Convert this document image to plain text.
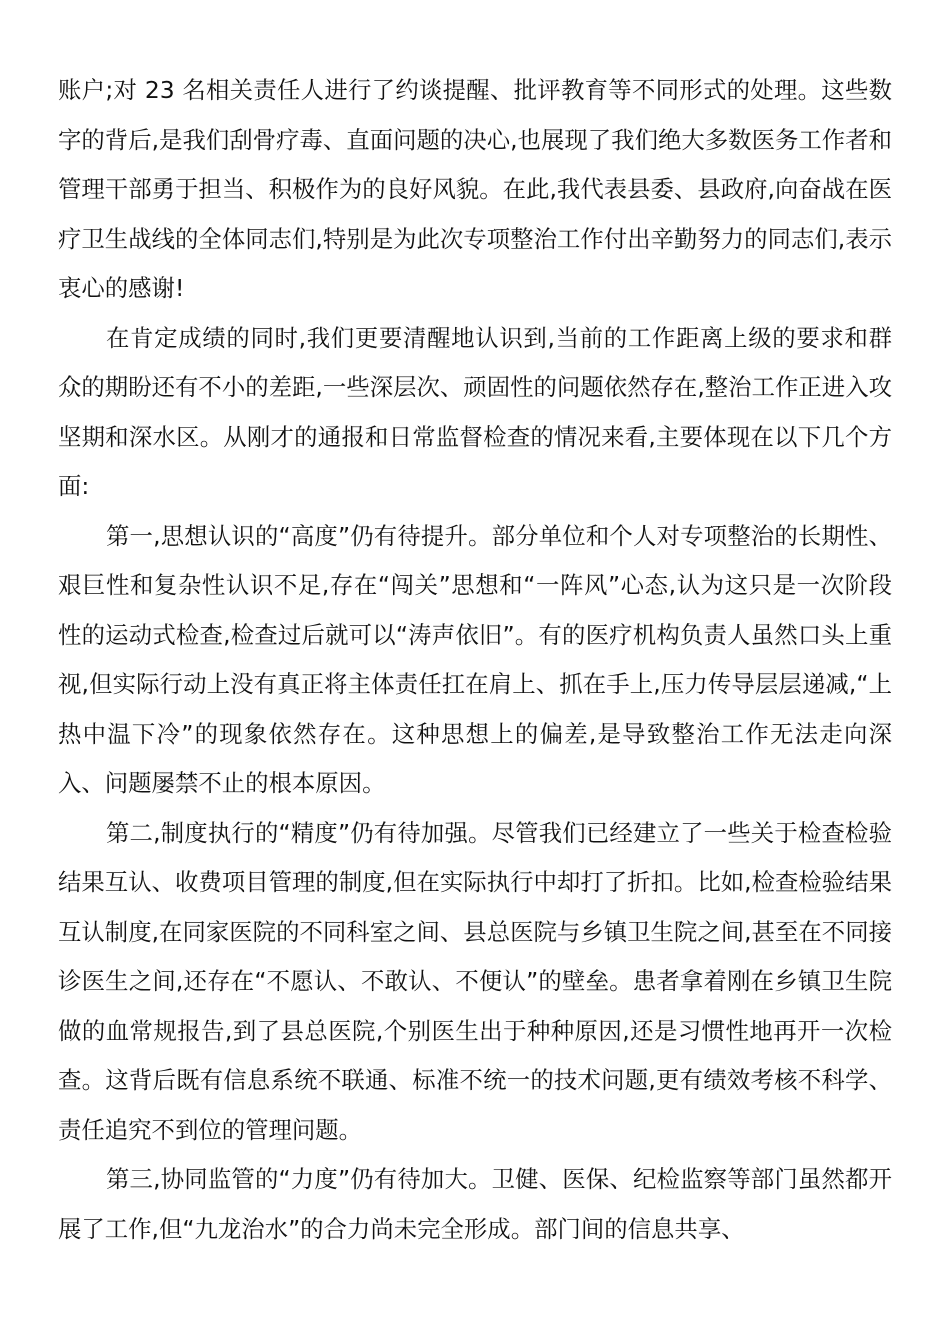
账户;对 23 名相关责任人进行了约谈提醒、批评教育等不同形式的处理。这些数字的背后,是我们刮骨疗毒、直面问题的决心,也展现了我们绝大多数医务工作者和管理干部勇于担当、积极作为的良好风貌。在此,我代表县委、县政府,向奋战在医疗卫生战线的全体同志们,特别是为此次专项整治工作付出辛勤努力的同志们,表示衷心的感谢!

在肯定成绩的同时,我们更要清醒地认识到,当前的工作距离上级的要求和群众的期盼还有不小的差距,一些深层次、顽固性的问题依然存在,整治工作正进入攻坚期和深水区。从刚才的通报和日常监督检查的情况来看,主要体现在以下几个方面:

第一,思想认识的“高度”仍有待提升。部分单位和个人对专项整治的长期性、艰巨性和复杂性认识不足,存在“闯关”思想和“一阵风”心态,认为这只是一次阶段性的运动式检查,检查过后就可以“涛声依旧”。有的医疗机构负责人虽然口头上重视,但实际行动上没有真正将主体责任扛在肩上、抓在手上,压力传导层层递减,“上热中温下冷”的现象依然存在。这种思想上的偏差,是导致整治工作无法走向深入、问题屡禁不止的根本原因。

第二,制度执行的“精度”仍有待加强。尽管我们已经建立了一些关于检查检验结果互认、收费项目管理的制度,但在实际执行中却打了折扣。比如,检查检验结果互认制度,在同家医院的不同科室之间、县总医院与乡镇卫生院之间,甚至在不同接诊医生之间,还存在“不愿认、不敢认、不便认”的壁垒。患者拿着刚在乡镇卫生院做的血常规报告,到了县总医院,个别医生出于种种原因,还是习惯性地再开一次检查。这背后既有信息系统不联通、标准不统一的技术问题,更有绩效考核不科学、责任追究不到位的管理问题。

第三,协同监管的“力度”仍有待加大。卫健、医保、纪检监察等部门虽然都开展了工作,但“九龙治水”的合力尚未完全形成。部门间的信息共享、
